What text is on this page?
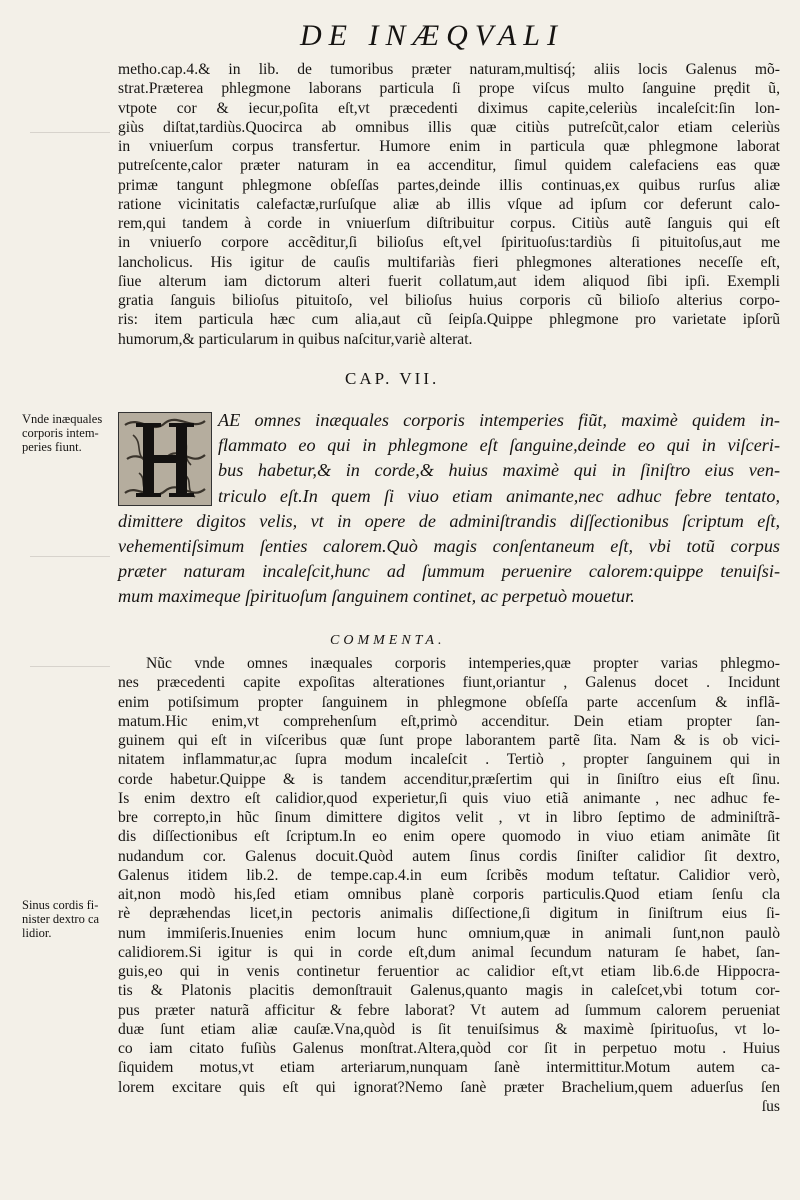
DE INÆQVALI
metho.cap.4.& in lib. de tumoribus præter naturam,multisq́; aliis locis Galenus mõ-
strat.Præterea phlegmone laborans particula ſi prope viſcus multo ſanguine prędit ũ,
vtpote cor & iecur,poſita eſt,vt præcedenti diximus capite,celeriùs incaleſcit:ſin lon-
giùs diſtat,tardiùs.Quocirca ab omnibus illis quæ citiùs putreſcũt,calor etiam celeriùs
in vniuerſum corpus transfertur. Humore enim in particula quæ phlegmone laborat
putreſcente,calor præter naturam in ea accenditur, ſimul quidem calefaciens eas quæ
primæ tangunt phlegmone obſeſſas partes,deinde illis continuas,ex quibus rurſus aliæ
ratione vicinitatis calefactæ,rurſuſque aliæ ab illis vſque ad ipſum cor deferunt calo-
rem,qui tandem à corde in vniuerſum diſtribuitur corpus. Citiùs autẽ ſanguis qui eſt
in vniuerſo corpore accẽditur,ſi bilioſus eſt,vel ſpirituoſus:tardiùs ſi pituitoſus,aut me
lancholicus. His igitur de cauſis multifariàs fieri phlegmones alterationes neceſſe eſt,
ſiue alterum iam dictorum alteri fuerit collatum,aut idem aliquod ſibi ipſi. Exempli
gratia ſanguis bilioſus pituitoſo, vel bilioſus huius corporis cũ bilioſo alterius corpo-
ris: item particula hæc cum alia,aut cũ ſeipſa.Quippe phlegmone pro varietate ipſorũ
humorum,& particularum in quibus naſcitur,variè alterat.
CAP. VII.
Vnde inæquales
corporis intem-
peries fiunt.
AE omnes inæquales corporis intemperies fiũt, maximè quidem in-
flammato eo qui in phlegmone eſt ſanguine,deinde eo qui in viſceri-
bus habetur,& in corde,& huius maximè qui in ſiniſtro eius ven-
triculo eſt.In quem ſi viuo etiam animante,nec adhuc febre tentato,
dimittere digitos velis, vt in opere de adminiſtrandis diſſectionibus ſcriptum eſt,
vehementiſsimum ſenties calorem.Quò magis conſentaneum eſt, vbi totũ corpus
præter naturam incaleſcit,hunc ad ſummum peruenire calorem:quippe tenuiſsi-
mum maximeque ſpirituoſum ſanguinem continet, ac perpetuò mouetur.
COMMENTA.
Nũc vnde omnes inæquales corporis intemperies,quæ propter varias phlegmo-
nes præcedenti capite expoſitas alterationes fiunt,oriantur , Galenus docet . Incidunt
enim potiſsimum propter ſanguinem in phlegmone obſeſſa parte accenſum & inflã-
matum.Hic enim,vt comprehenſum eſt,primò accenditur. Dein etiam propter ſan-
guinem qui eſt in viſceribus quæ ſunt prope laborantem partẽ ſita. Nam & is ob vici-
nitatem inflammatur,ac ſupra modum incaleſcit . Tertiò , propter ſanguinem qui in
corde habetur.Quippe & is tandem accenditur,præſertim qui in ſiniſtro eius eſt ſinu.
Is enim dextro eſt calidior,quod experietur,ſi quis viuo etiã animante , nec adhuc fe-
bre correpto,in hũc ſinum dimittere digitos velit , vt in libro ſeptimo de adminiſtrã-
dis diſſectionibus eſt ſcriptum.In eo enim opere quomodo in viuo etiam animãte ſit
nudandum cor. Galenus docuit.Quòd autem ſinus cordis ſiniſter calidior ſit dextro,
Galenus itidem lib.2. de tempe.cap.4.in eum ſcribẽs modum teſtatur. Calidior verò,
ait,non modò his,ſed etiam omnibus planè corporis particulis.Quod etiam ſenſu cla
rè depræhendas licet,in pectoris animalis diſſectione,ſi digitum in ſiniſtrum eius ſi-
num immiſeris.Inuenies enim locum hunc omnium,quæ in animali ſunt,non paulò
calidiorem.Si igitur is qui in corde eſt,dum animal ſecundum naturam ſe habet, ſan-
guis,eo qui in venis continetur feruentior ac calidior eſt,vt etiam lib.6.de Hippocra-
tis & Platonis placitis demonſtrauit Galenus,quanto magis in caleſcet,vbi totum cor-
pus præter naturã afficitur & febre laborat? Vt autem ad ſummum calorem perueniat
duæ ſunt etiam aliæ cauſæ.Vna,quòd is ſit tenuiſsimus & maximè ſpirituoſus, vt lo-
co iam citato fuſiùs Galenus monſtrat.Altera,quòd cor ſit in perpetuo motu . Huius
ſiquidem motus,vt etiam arteriarum,nunquam ſanè intermittitur.Motum autem ca-
lorem excitare quis eſt qui ignorat?Nemo ſanè præter Brachelium,quem aduerſus ſen
ſus
Sinus cordis fi-
nister dextro ca
lidior.
